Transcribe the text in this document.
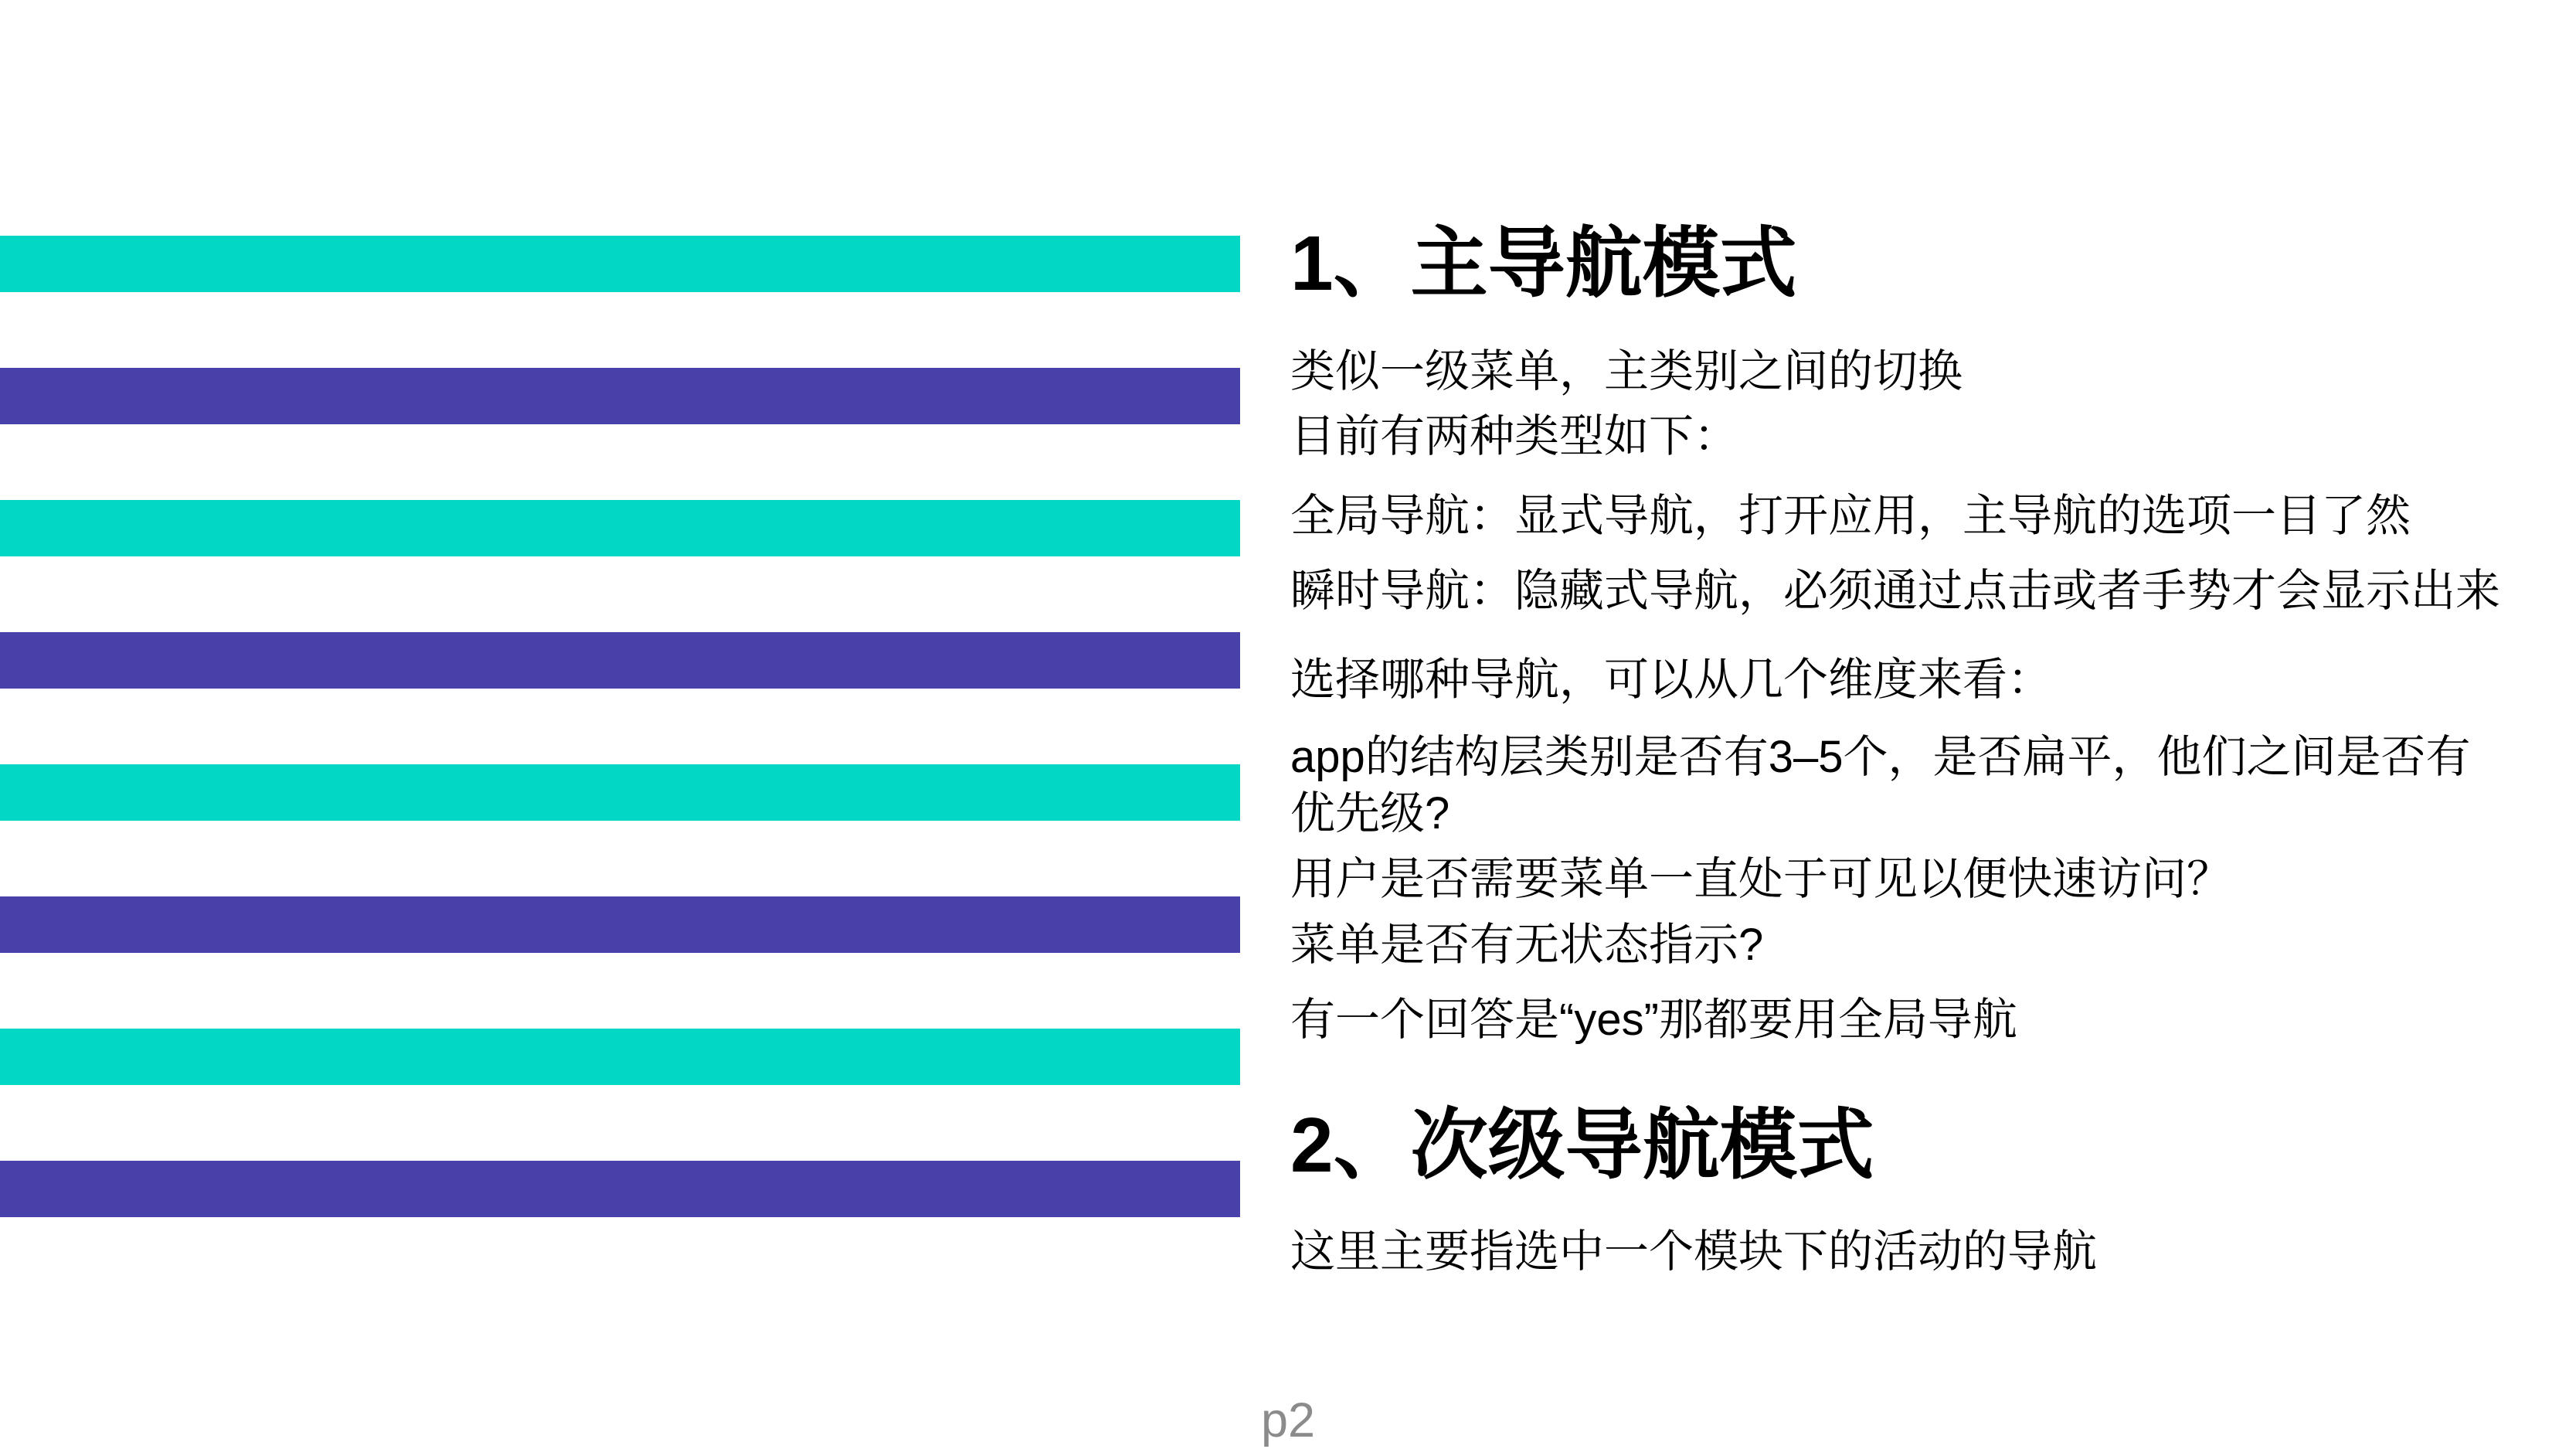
1、主导航模式

类似一级菜单，主类别之间的切换

目前有两种类型如下：

全局导航：显式导航，打开应用，主导航的选项一目了然

瞬时导航：隐藏式导航，必须通过点击或者手势才会显示出来

选择哪种导航，可以从几个维度来看：

app的结构层类别是否有3–5个，是否扁平，他们之间是否有
优先级?

用户是否需要菜单一直处于可见以便快速访问？

菜单是否有无状态指示?

有一个回答是“yes”那都要用全局导航

2、次级导航模式

这里主要指选中一个模块下的活动的导航

p2
